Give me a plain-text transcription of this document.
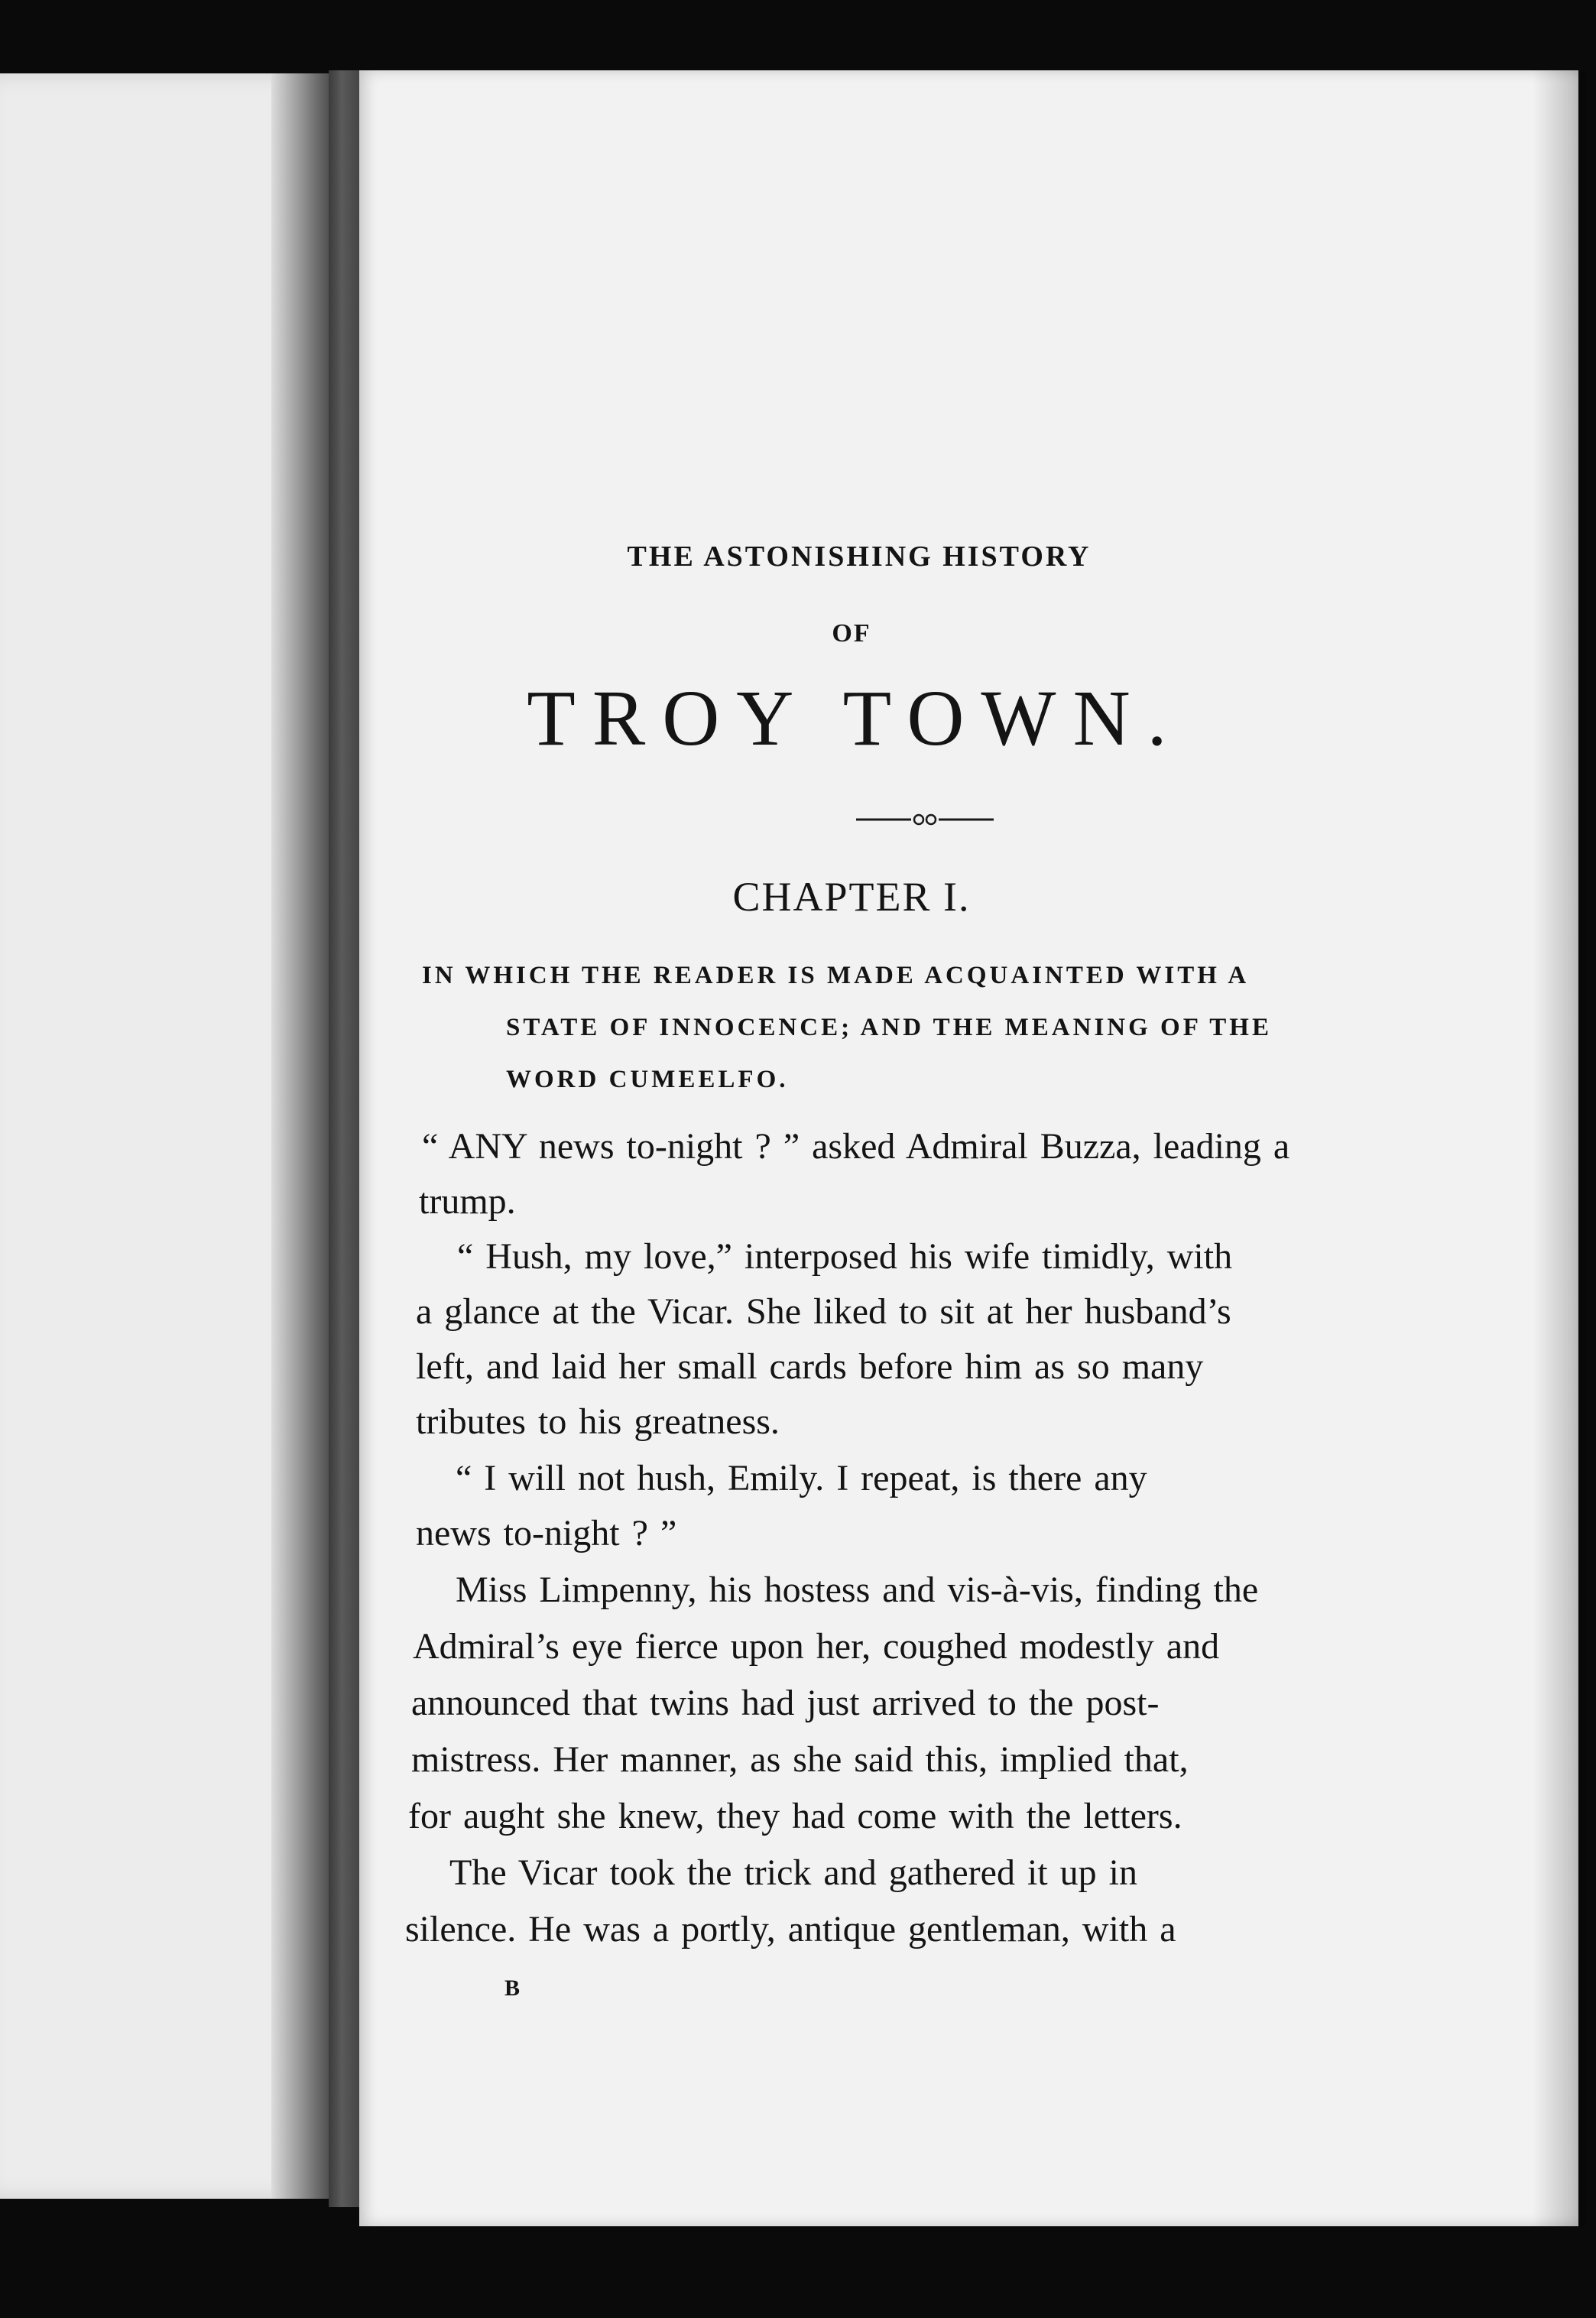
THE ASTONISHING HISTORY
OF
TROY TOWN.
CHAPTER I.
IN WHICH THE READER IS MADE ACQUAINTED WITH A
STATE OF INNOCENCE; AND THE MEANING OF THE
WORD CUMEELFO.
“ ANY news to-night ? ” asked Admiral Buzza, leading a
trump.
“ Hush, my love,” interposed his wife timidly, with
a glance at the Vicar. She liked to sit at her husband’s
left, and laid her small cards before him as so many
tributes to his greatness.
“ I will not hush, Emily. I repeat, is there any
news to-night ? ”
Miss Limpenny, his hostess and vis-à-vis, finding the
Admiral’s eye fierce upon her, coughed modestly and
announced that twins had just arrived to the post-
mistress. Her manner, as she said this, implied that,
for aught she knew, they had come with the letters.
The Vicar took the trick and gathered it up in
silence. He was a portly, antique gentleman, with a
B
